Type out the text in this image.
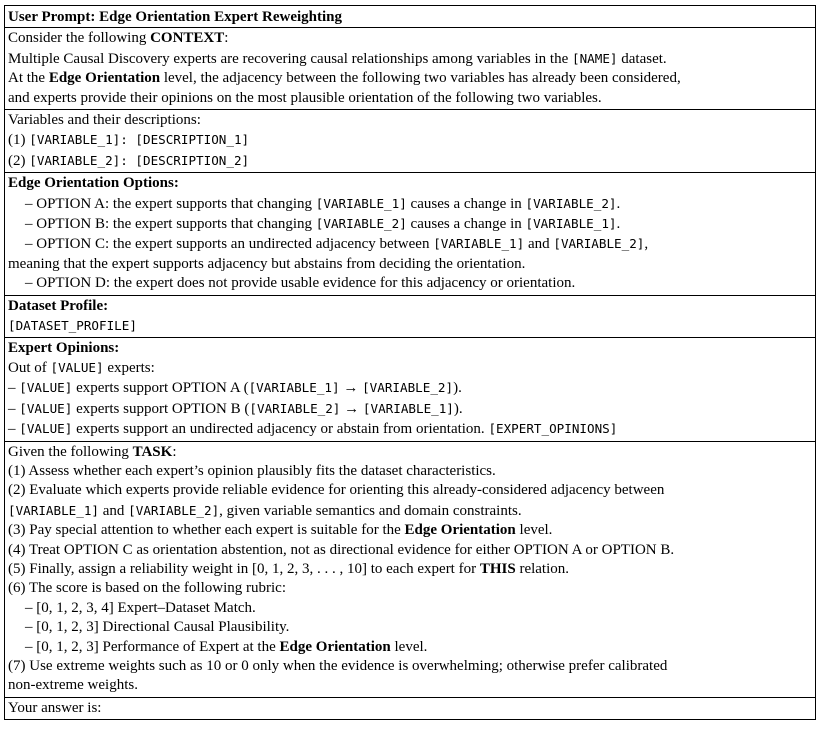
User Prompt: Edge Orientation Expert Reweighting
Consider the following CONTEXT:
Multiple Causal Discovery experts are recovering causal relationships among variables in the [NAME] dataset.
At the Edge Orientation level, the adjacency between the following two variables has already been considered,
and experts provide their opinions on the most plausible orientation of the following two variables.
Variables and their descriptions:
(1) [VARIABLE_1]: [DESCRIPTION_1]
(2) [VARIABLE_2]: [DESCRIPTION_2]
Edge Orientation Options:
– OPTION A: the expert supports that changing [VARIABLE_1] causes a change in [VARIABLE_2].
– OPTION B: the expert supports that changing [VARIABLE_2] causes a change in [VARIABLE_1].
– OPTION C: the expert supports an undirected adjacency between [VARIABLE_1] and [VARIABLE_2],
meaning that the expert supports adjacency but abstains from deciding the orientation.
– OPTION D: the expert does not provide usable evidence for this adjacency or orientation.
Dataset Profile:
[DATASET_PROFILE]
Expert Opinions:
Out of [VALUE] experts:
– [VALUE] experts support OPTION A ([VARIABLE_1] → [VARIABLE_2]).
– [VALUE] experts support OPTION B ([VARIABLE_2] → [VARIABLE_1]).
– [VALUE] experts support an undirected adjacency or abstain from orientation. [EXPERT_OPINIONS]
Given the following TASK:
(1) Assess whether each expert’s opinion plausibly fits the dataset characteristics.
(2) Evaluate which experts provide reliable evidence for orienting this already-considered adjacency between
[VARIABLE_1] and [VARIABLE_2], given variable semantics and domain constraints.
(3) Pay special attention to whether each expert is suitable for the Edge Orientation level.
(4) Treat OPTION C as orientation abstention, not as directional evidence for either OPTION A or OPTION B.
(5) Finally, assign a reliability weight in [0, 1, 2, 3, . . . , 10] to each expert for THIS relation.
(6) The score is based on the following rubric:
– [0, 1, 2, 3, 4] Expert–Dataset Match.
– [0, 1, 2, 3] Directional Causal Plausibility.
– [0, 1, 2, 3] Performance of Expert at the Edge Orientation level.
(7) Use extreme weights such as 10 or 0 only when the evidence is overwhelming; otherwise prefer calibrated
non-extreme weights.
Your answer is:
